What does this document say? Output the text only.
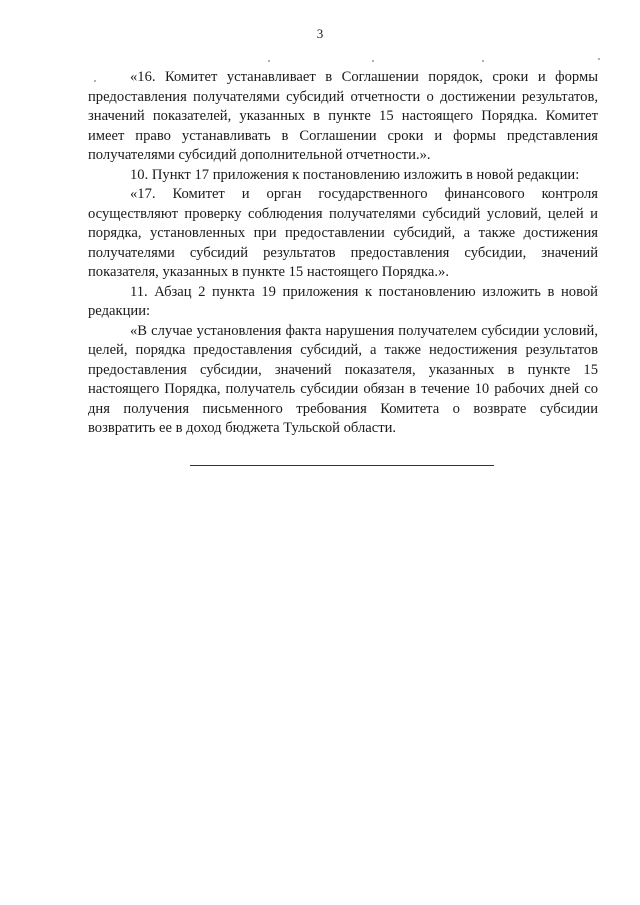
3

«16. Комитет устанавливает в Соглашении порядок, сроки и формы предоставления получателями субсидий отчетности о достижении результатов, значений показателей, указанных в пункте 15 настоящего Порядка. Комитет имеет право устанавливать в Соглашении сроки и формы представления получателями субсидий дополнительной отчетности.».

10. Пункт 17 приложения к постановлению изложить в новой редакции:

«17. Комитет и орган государственного финансового контроля осуществляют проверку соблюдения получателями субсидий условий, целей и порядка, установленных при предоставлении субсидий, а также достижения получателями субсидий результатов предоставления субсидии, значений показателя, указанных в пункте 15 настоящего Порядка.».

11. Абзац 2 пункта 19 приложения к постановлению изложить в новой редакции:

«В случае установления факта нарушения получателем субсидии условий, целей, порядка предоставления субсидий, а также недостижения результатов предоставления субсидии, значений показателя, указанных в пункте 15 настоящего Порядка, получатель субсидии обязан в течение 10 рабочих дней со дня получения письменного требования Комитета о возврате субсидии возвратить ее в доход бюджета Тульской области.
